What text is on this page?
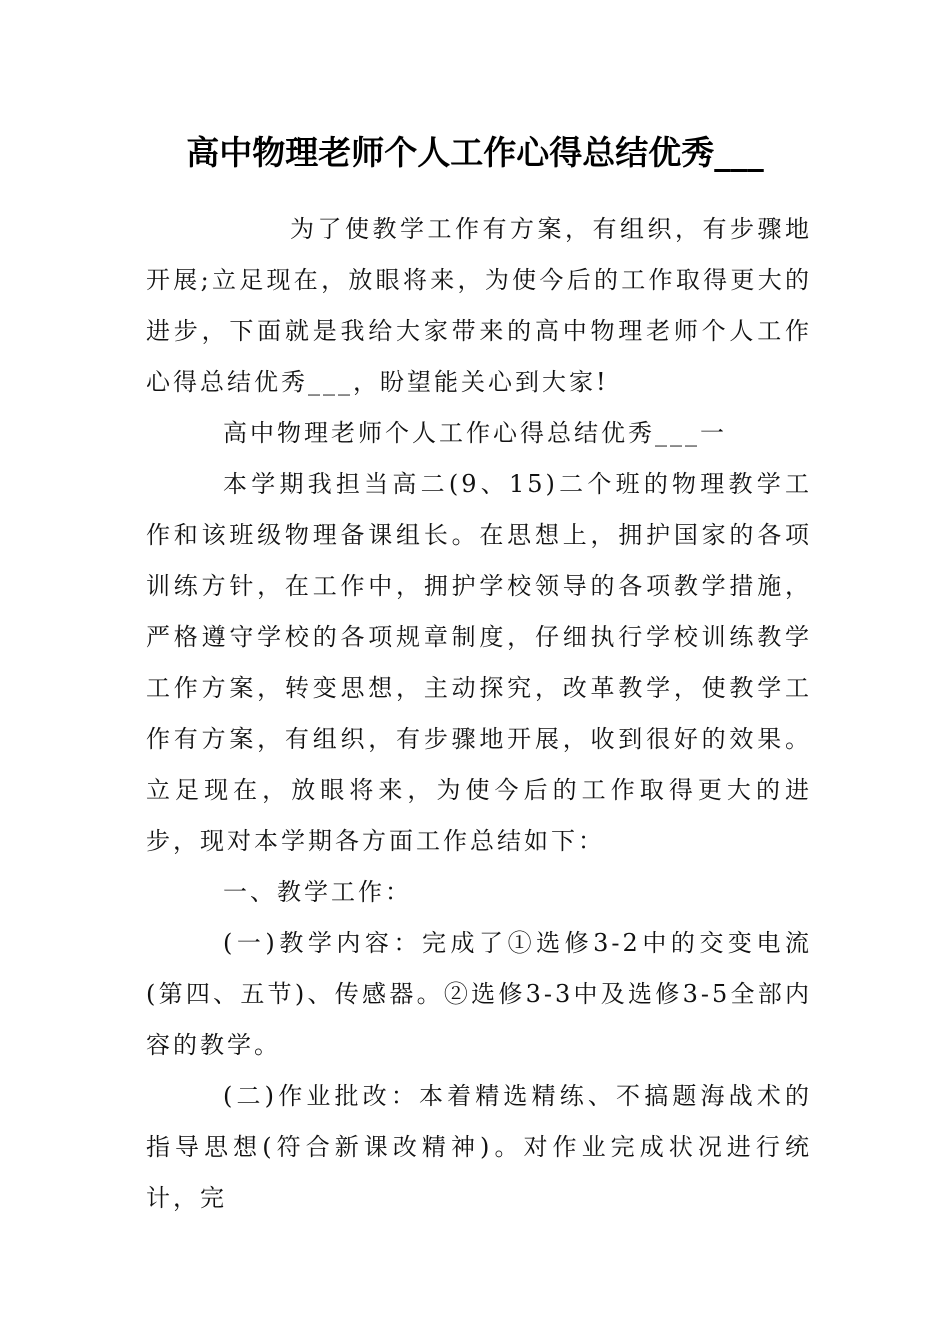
高中物理老师个人工作心得总结优秀___

为了使教学工作有方案，有组织，有步骤地开展;立足现在，放眼将来，为使今后的工作取得更大的进步，下面就是我给大家带来的高中物理老师个人工作心得总结优秀___，盼望能关心到大家!

高中物理老师个人工作心得总结优秀___一

本学期我担当高二(9、15)二个班的物理教学工作和该班级物理备课组长。在思想上，拥护国家的各项训练方针，在工作中，拥护学校领导的各项教学措施，严格遵守学校的各项规章制度，仔细执行学校训练教学工作方案，转变思想，主动探究，改革教学，使教学工作有方案，有组织，有步骤地开展，收到很好的效果。立足现在，放眼将来，为使今后的工作取得更大的进步，现对本学期各方面工作总结如下：

一、教学工作：

(一)教学内容：完成了①选修3-2中的交变电流(第四、五节)、传感器。②选修3-3中及选修3-5全部内容的教学。

(二)作业批改：本着精选精练、不搞题海战术的指导思想(符合新课改精神)。对作业完成状况进行统计，完
